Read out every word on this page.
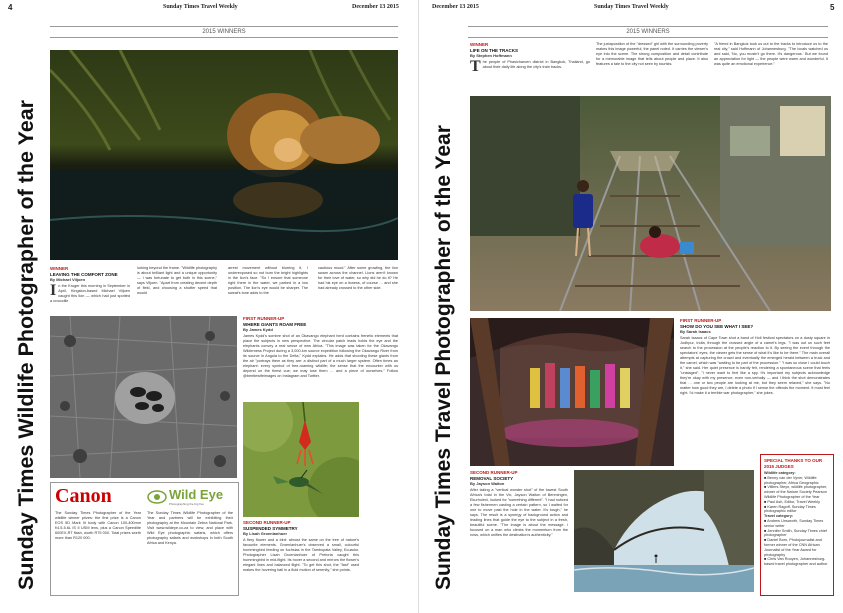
4	Sunday Times Travel Weekly	December 13 2015
2015 WINNERS
Sunday Times Wildlife Photographer of the Year	WINNER
LEAVING THE COMFORT ZONE
By Michael Viljoen
In the Kruger this morning in September in April, Kingston-based Michael Viljoen caught this lion — which had just spotted a crocodile
lurking beyond the frame. "Wildlife photography is about brilliant light and a unique opportunity — I was fortunate to get both in this scene," says Viljoen. "Apart from creating decent depth of field, and choosing a shutter speed that would
arrest movement without blurring it, I underexposed so not burn the bright highlights in the lion's face. "So I ensure that someone right there in the water, we parked in a low position. The lion's eye would be sharper. The sweat's tone adds to the
cautious mood." After some growling, the lion swam across the channel. Lions aren't known for their love of water, so why did he do it? He had his eye on a lioness, of course … and she had already crossed to the other side.
FIRST RUNNER-UP
WHERE GIANTS ROAM FREE
By James Kydd
James Kydd's sombre shot of an Okavango elephant herd contains frenetic elements that place the subjects in new perspective. The circular patch leads holds the eye and the elephants convey a real sense of new Africa. "This image was taken for the Okavango Wilderness Project during a 3,000-km source expedition following the Okavango River from its source in Angola to the Delta," Kydd explains. He adds that shooting these giants from the air "portrays them as they are: a distinct part of a much larger system. Often times an elephant: every symbol of free-roaming wildlife; the sense that the encounter with us depend on the finest cue; we may lose them … and a piece of ourselves." Follow @bentlewifeimages on Instagram and Twitter.
SECOND RUNNER-UP
SUSPENDED SYMMETRY
By Lisah Groenlanhuer
A fiery flower and a bird: almost the same on the tree of nature's favourite elements. Groenlanhuer's observed a small, colourful hummingbird feeding on fuchsias in the Tambopata Valley, Ecuador. Photographer Lisah Groenlanhuer of Pretoria caught this hummingbird in mid-flight. Its hover a second and mirrors the flower's elegant lines and balanced flight. "To get this shot, the "fast" used makes the hovering ball in a fluid motion of serenity," she points.
Canon	Wild Eye
Photographing the big five
The Sunday Times Photographer of the Year wildlife winner prizes: the first prize is a Canon EOS 5D Mark III body with Canon 100-400mm f/4.5-5.6L IS II USM lens, plus a Canon Speedlite 600EX-RT flash, worth R75 000. Total prizes worth more than R120 000.
The Sunday Times Wildlife Photographer of the Year and partners will be exhibiting their photography at the Mountain Zebra National Park. Visit www.wildeye.co.za to view, and place with Wild Eye photographic safaris, which offers photography safaris and workshops in both South Africa and Kenya.
December 13 2015	Sunday Times Travel Weekly	5
2015 WINNERS
Sunday Times Travel Photographer of the Year
WINNER
LIFE ON THE TRACKS
By Stephen Hoffmann
The people of Phasicharoen district in Bangkok, Thailand, go about their daily life along the city's train tracks.
The juxtaposition of the "dressed" girl with the surrounding poverty makes this image powerful, the panel noted. It carries the viewer's eye into the scene. The strong composition and detail contribute for a memorable image that tells about people and place. It also features a tale to the city not seen by tourists.
"A friend in Bangkok took us out to the tracks to introduce us to the real city," said Hoffmann of Johannesburg. "The locals watched us and said, 'No, you mustn't go there. It's dangerous.' But we found an appreciation for light — the people were warm and wonderful. It was quite an emotional experience."
FIRST RUNNER-UP
SHOW DO YOU SEE WHAT I SEE?
By Sarah Isaacs
Sarah Isaacs of Cape Town shot a band of Holi festival spectators on a dusty square in Jodhpur, India, through the crossed angle of a camel's legs. "I was out on such feet search to the procession at the people's reaction to it. By seeing the event through the spectators' eyes, the viewer gets the sense of what it's like to be there." The main overall attempts at capturing the crowd and eventually the emerged herald between a truck and the camel, which was "waiting to be part of the procession." "I was so close I could touch it," she said. Her quiet presence is hardly felt, rendering a spontaneous scene that feels "unstaged". "I never want to feel like a spy. It's important my subjects acknowledge they're okay with my presence, even non-verbally — and I think the shot demonstrates that … one or two people are looking at me, but they seem relaxed," she says. "No matter how good they are, I delete a photo if I sense the offends the moment. It must feel right. I'd make it a terrible war photographer," she jokes.
SECOND RUNNER-UP
REMOVAL SOCIETY
By Jayson Walton
After taking a "vertical wonder shot" of the lowest South Africa's total in the Vic, Jayson Walton of Benmingen, Ekurhuleni, looked for "something different". "I had noticed a few fishermen casting a certain pattern, so I waited for one to move past the hole in the water. It's tough," he says. The result is a synergy of background action and leading lines that guide the eye to the subject in a fresh, beautiful scene. "The image is about the message. I focused on a man who climbs the momentum from the rows, which unifies the destination's authenticity."
SPECIAL THANKS TO OUR 2015 JUDGES
Wildlife category:
■ Benny van der Vyver, Wildlife photographer, Africa Geographic
■ Villiers Steyn, wildlife photographer, winner of the Nature Society Pearson Wildlife Photographer of the Year
■ Paul Ash, Editor, Travel Weekly
■ Karen Ragoff, Sunday Times photographic editor
Travel category:
■ Andrew Unsworth, Sunday Times senior writer
■ Jennifer Smith, Sunday Times chief photographer
■ Daniel Born, Photojournalist and former winner of the CNN African Journalist of the Year Award for photography
■ Chris Van Rooyen, Johannesburg-based travel photographer and author
